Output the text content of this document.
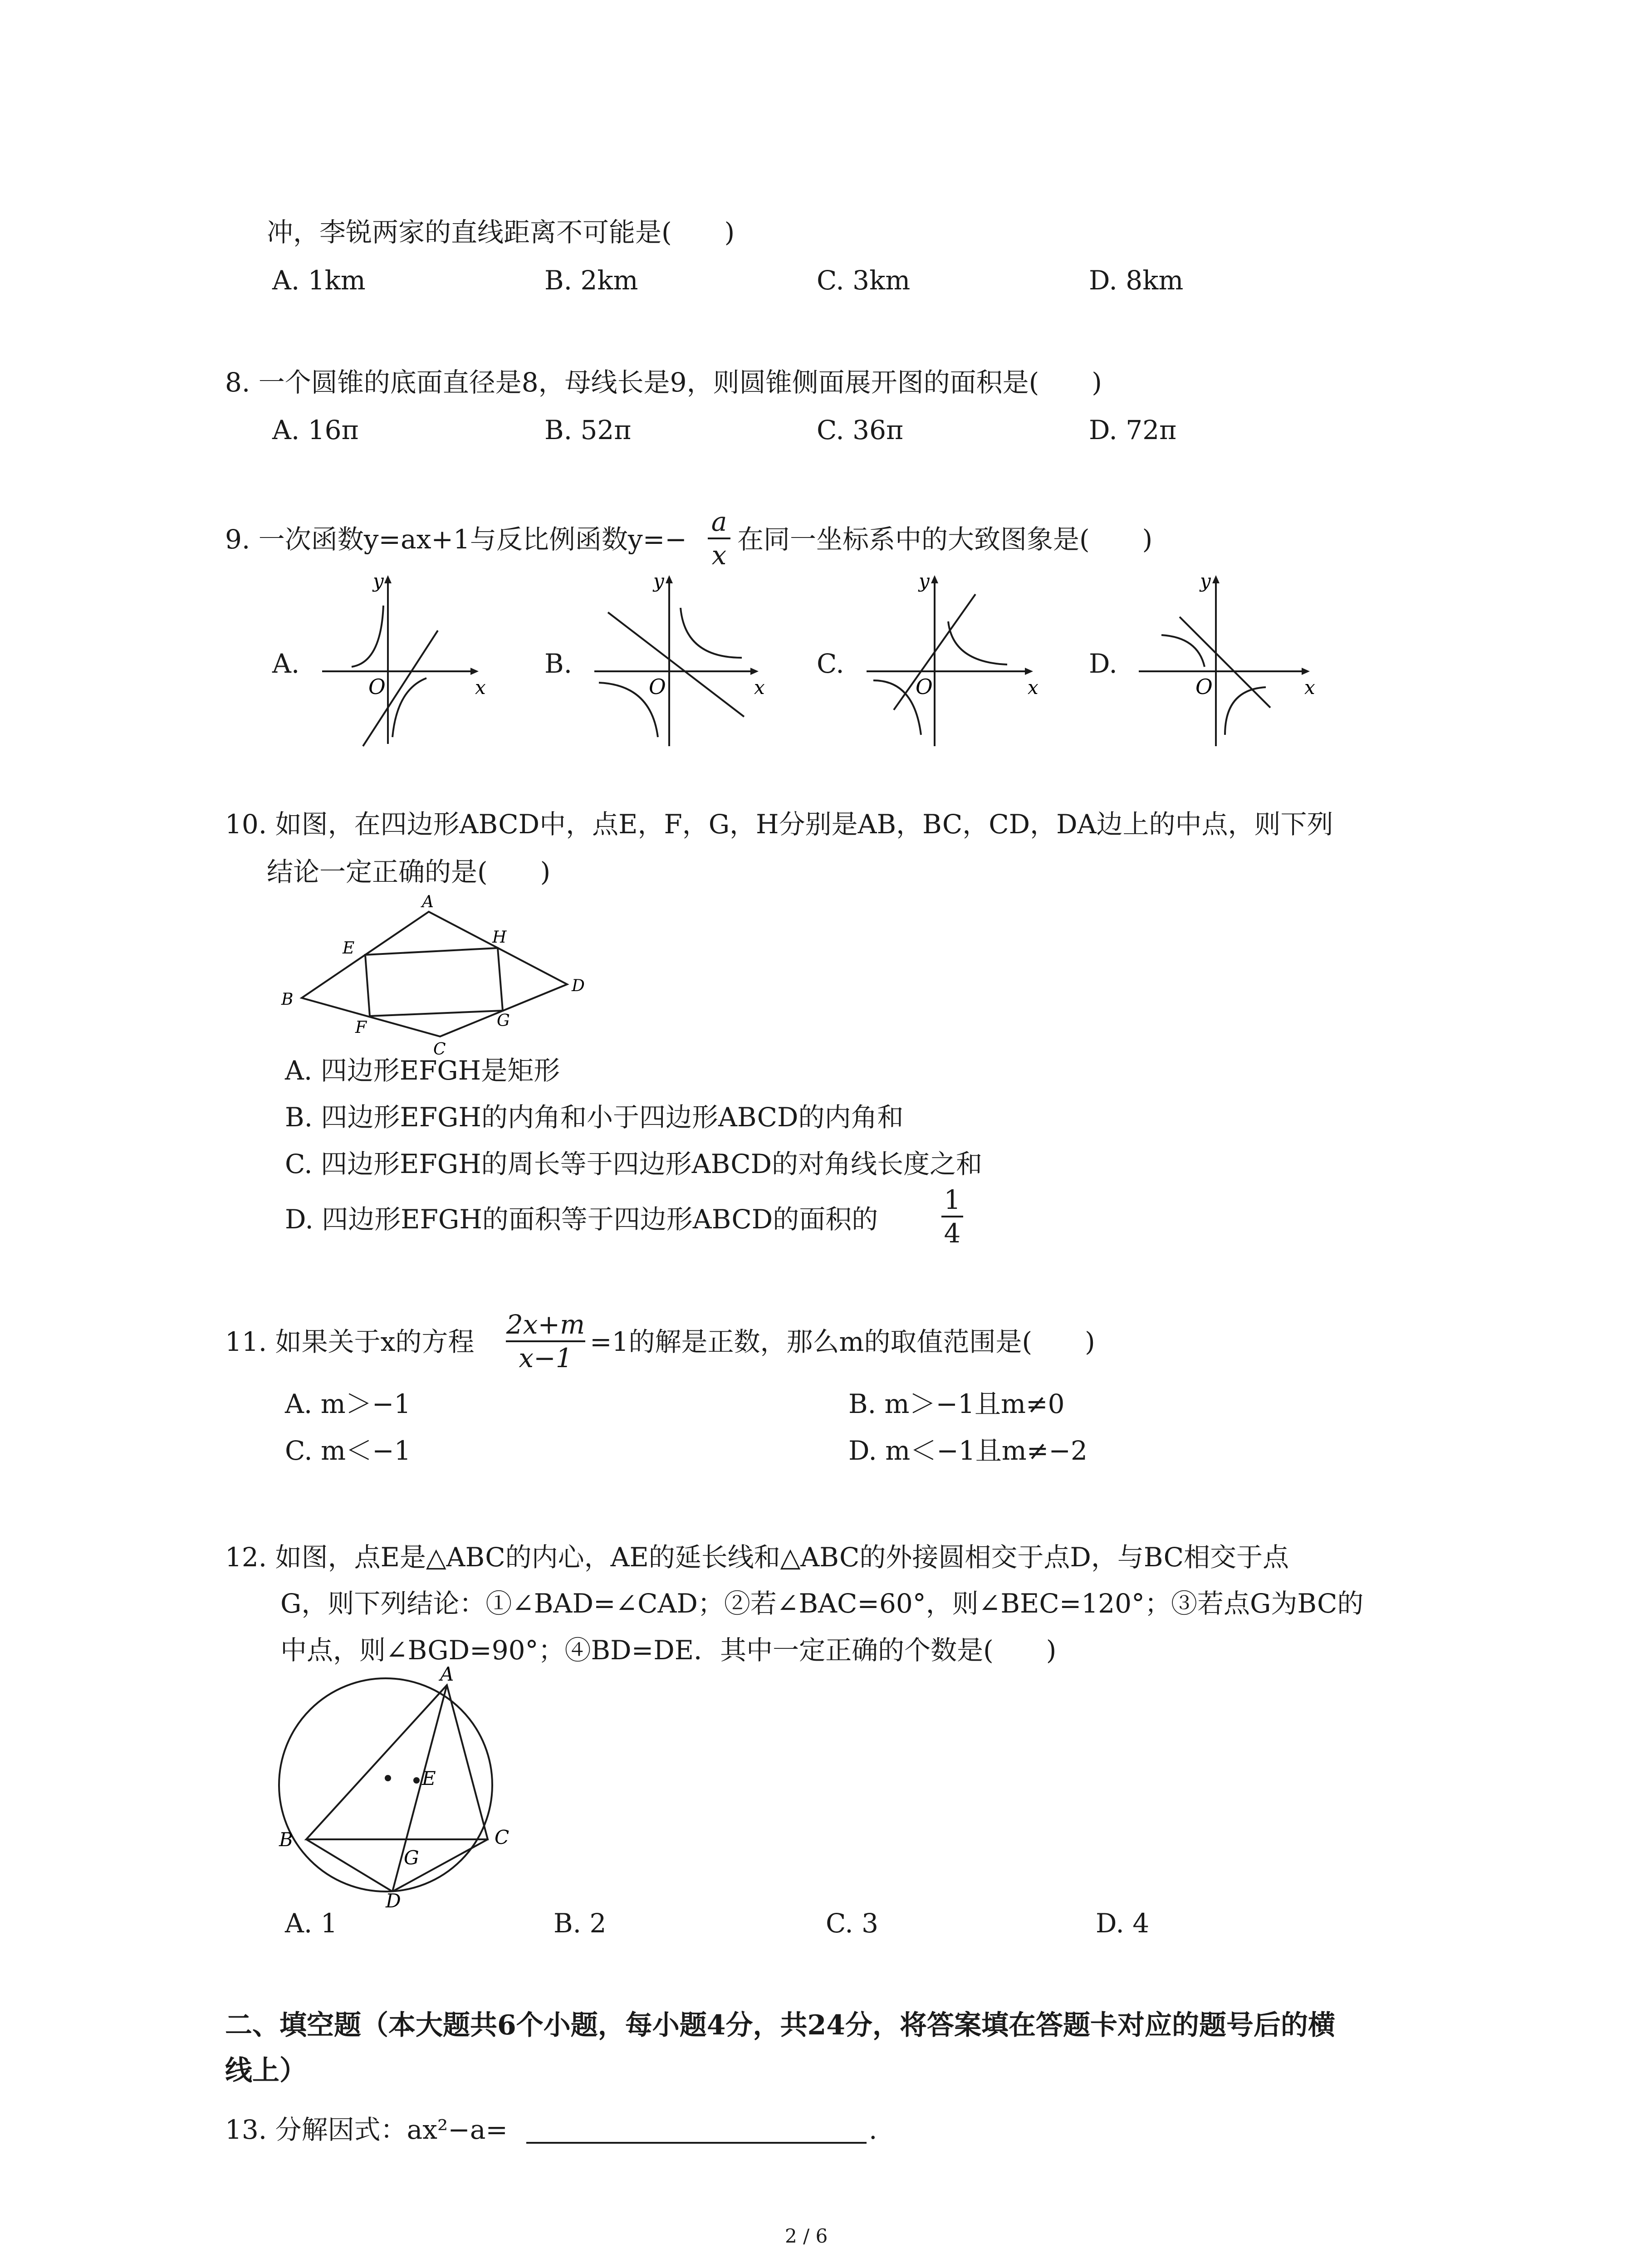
冲，李锐两家的直线距离不可能是(　　)
A. 1km	B. 2km	C. 3km	D. 8km
8. 一个圆锥的底面直径是8，母线长是9，则圆锥侧面展开图的面积是(　　)
A. 16π	B. 52π	C. 36π	D. 72π
9. 一次函数y=ax+1与反比例函数$y=- \frac{a}{x}$ 在同一坐标系中的大致图象是(　　)
A.	B.	C.	D.
x
y
O	x
y
O	x
y
O	x
y
O
10. 如图，在四边形ABCD中，点E，F，G，H分别是AB，BC，CD，DA边上的中点，则下列
结论一定正确的是(　　)
A
B
C
D
E
F	G
H
A. 四边形EFGH是矩形
B. 四边形EFGH的内角和小于四边形ABCD的内角和
C. 四边形EFGH的周长等于四边形ABCD的对角线长度之和
D. 四边形EFGH的面积等于四边形ABCD的面积的 $\frac{1}{4}$
11. 如果关于x的方程 $\frac{2x+m}{x-1} =1$的解是正数，那么m的取值范围是(　　)
A. m＞−1	B. m＞−1且m≠0
C. m＜−1	D. m＜−1且m≠−2
12. 如图，点E是△ABC的内心，AE的延长线和△ABC的外接圆相交于点D，与BC相交于点
G，则下列结论：①∠BAD=∠CAD；②若∠BAC=60°，则∠BEC=120°；③若点G为BC的
中点，则∠BGD=90°；④BD=DE．其中一定正确的个数是(　　)
A
B	C
D
E
G
A. 1	B. 2	C. 3	D. 4
二、填空题（本大题共6个小题，每小题4分，共24分，将答案填在答题卡对应的题号后的横
线上）
13. 分解因式：ax²−a=	.
2 / 6
